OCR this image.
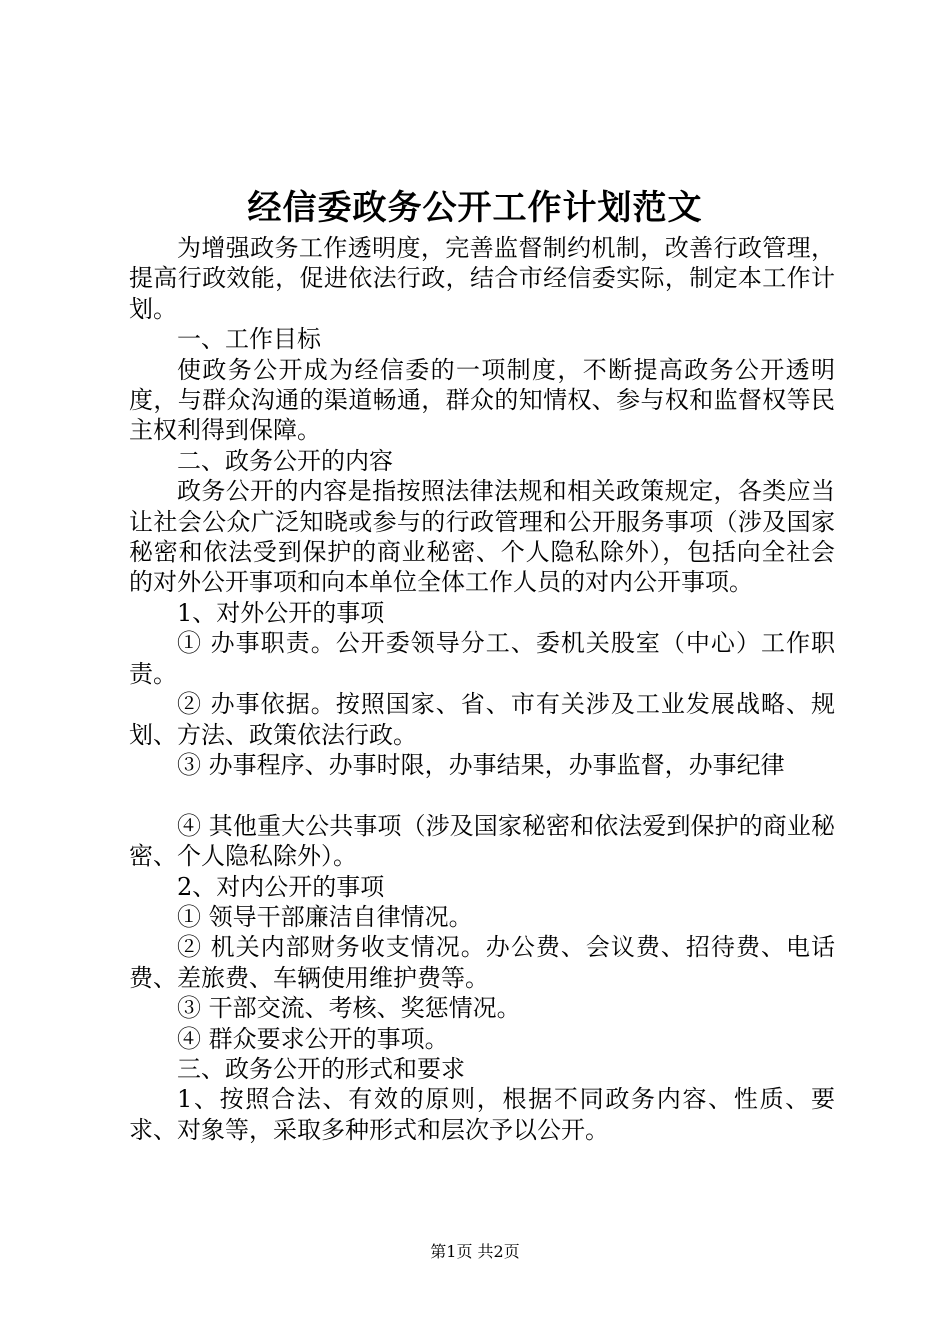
经信委政务公开工作计划范文

为增强政务工作透明度，完善监督制约机制，改善行政管理，提高行政效能，促进依法行政，结合市经信委实际，制定本工作计划。

一、工作目标

使政务公开成为经信委的一项制度，不断提高政务公开透明度，与群众沟通的渠道畅通，群众的知情权、参与权和监督权等民主权利得到保障。

二、政务公开的内容

政务公开的内容是指按照法律法规和相关政策规定，各类应当让社会公众广泛知晓或参与的行政管理和公开服务事项（涉及国家秘密和依法受到保护的商业秘密、个人隐私除外），包括向全社会的对外公开事项和向本单位全体工作人员的对内公开事项。

1、对外公开的事项

① 办事职责。公开委领导分工、委机关股室（中心）工作职责。

② 办事依据。按照国家、省、市有关涉及工业发展战略、规划、方法、政策依法行政。

③ 办事程序、办事时限，办事结果，办事监督，办事纪律

④ 其他重大公共事项（涉及国家秘密和依法爱到保护的商业秘密、个人隐私除外）。

2、对内公开的事项

① 领导干部廉洁自律情况。

② 机关内部财务收支情况。办公费、会议费、招待费、电话费、差旅费、车辆使用维护费等。

③ 干部交流、考核、奖惩情况。

④ 群众要求公开的事项。

三、政务公开的形式和要求

1、按照合法、有效的原则，根据不同政务内容、性质、要求、对象等，采取多种形式和层次予以公开。

第1页 共2页
